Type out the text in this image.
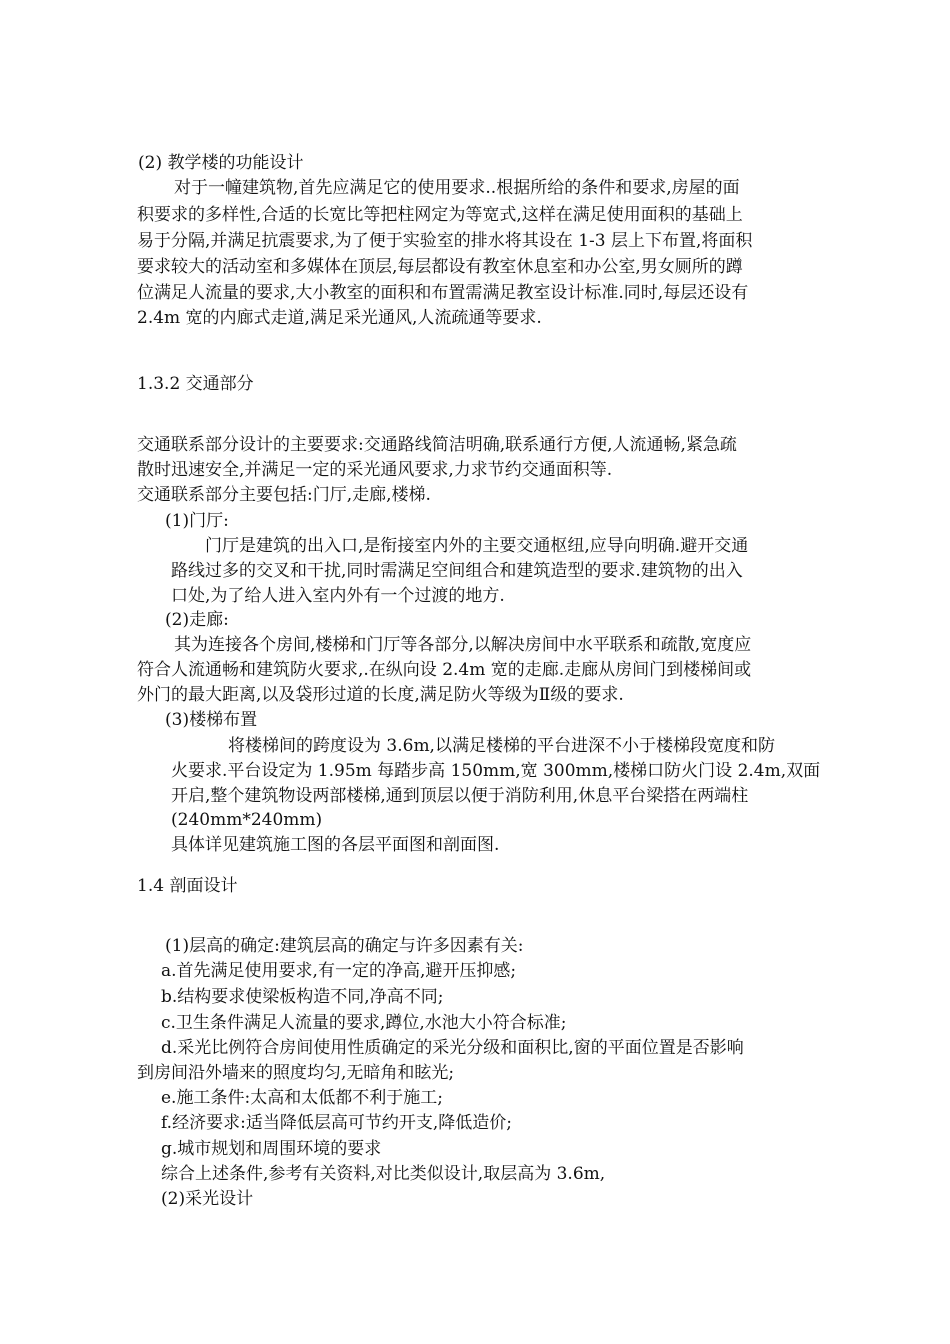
(2) 教学楼的功能设计
对于一幢建筑物,首先应满足它的使用要求..根据所给的条件和要求,房屋的面
积要求的多样性,合适的长宽比等把柱网定为等宽式,这样在满足使用面积的基础上
易于分隔,并满足抗震要求,为了便于实验室的排水将其设在 1-3 层上下布置,将面积
要求较大的活动室和多媒体在顶层,每层都设有教室休息室和办公室,男女厕所的蹲
位满足人流量的要求,大小教室的面积和布置需满足教室设计标准.同时,每层还设有
2.4m 宽的内廊式走道,满足采光通风,人流疏通等要求.
1.3.2 交通部分
交通联系部分设计的主要要求:交通路线简洁明确,联系通行方便,人流通畅,紧急疏
散时迅速安全,并满足一定的采光通风要求,力求节约交通面积等.
交通联系部分主要包括:门厅,走廊,楼梯.
(1)门厅:
门厅是建筑的出入口,是衔接室内外的主要交通枢纽,应导向明确.避开交通
路线过多的交叉和干扰,同时需满足空间组合和建筑造型的要求.建筑物的出入
口处,为了给人进入室内外有一个过渡的地方.
(2)走廊:
其为连接各个房间,楼梯和门厅等各部分,以解决房间中水平联系和疏散,宽度应
符合人流通畅和建筑防火要求,.在纵向设 2.4m 宽的走廊.走廊从房间门到楼梯间或
外门的最大距离,以及袋形过道的长度,满足防火等级为Ⅱ级的要求.
(3)楼梯布置
将楼梯间的跨度设为 3.6m,以满足楼梯的平台进深不小于楼梯段宽度和防
火要求.平台设定为 1.95m 每踏步高 150mm,宽 300mm,楼梯口防火门设 2.4m,双面
开启,整个建筑物设两部楼梯,通到顶层以便于消防利用,休息平台梁搭在两端柱
(240mm*240mm)
具体详见建筑施工图的各层平面图和剖面图.
1.4 剖面设计
(1)层高的确定:建筑层高的确定与许多因素有关:
a.首先满足使用要求,有一定的净高,避开压抑感;
b.结构要求使梁板构造不同,净高不同;
c.卫生条件满足人流量的要求,蹲位,水池大小符合标准;
d.采光比例符合房间使用性质确定的采光分级和面积比,窗的平面位置是否影响
到房间沿外墙来的照度均匀,无暗角和眩光;
e.施工条件:太高和太低都不利于施工;
f.经济要求:适当降低层高可节约开支,降低造价;
g.城市规划和周围环境的要求
综合上述条件,参考有关资料,对比类似设计,取层高为 3.6m,
(2)采光设计
